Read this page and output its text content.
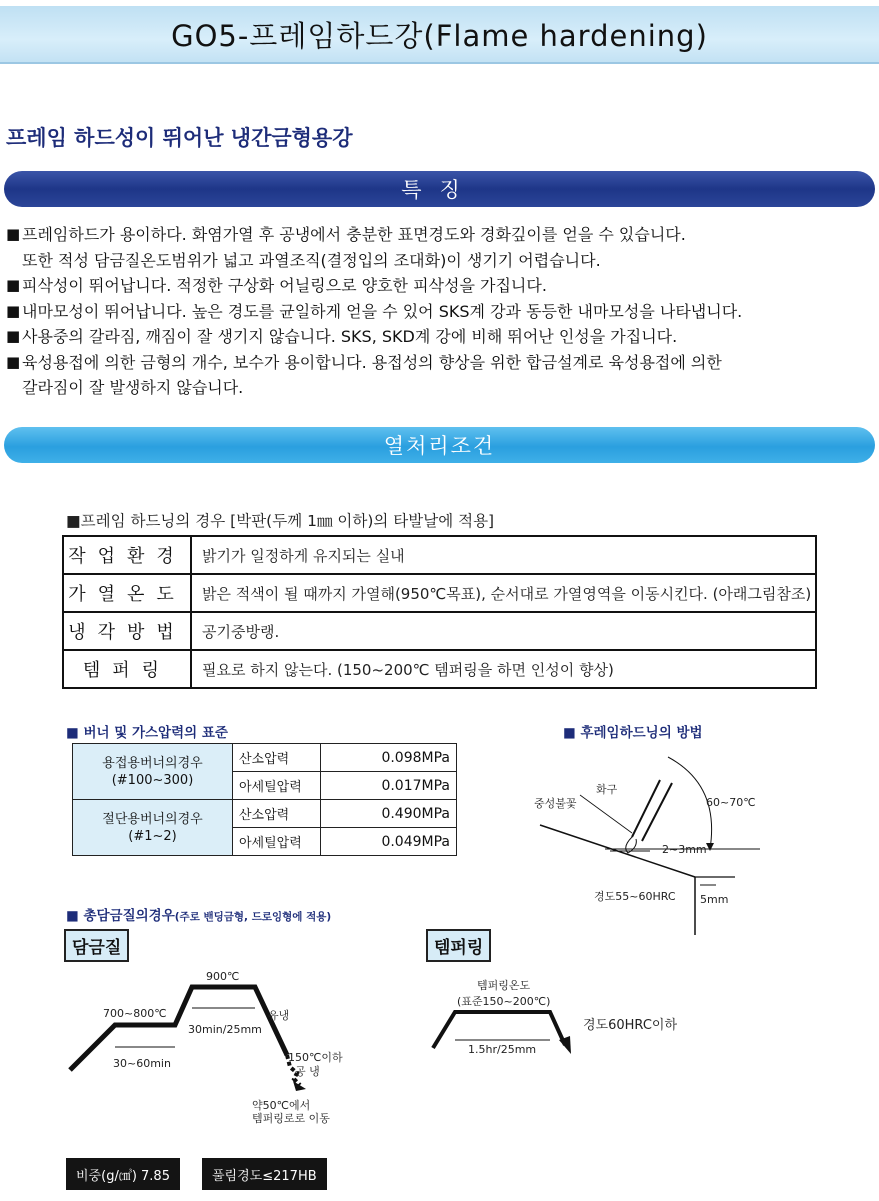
GO5-프레임하드강(Flame hardening)
프레임 하드성이 뛰어난 냉간금형용강
특징
■ 프레임하드가 용이하다. 화염가열 후 공냉에서 충분한 표면경도와 경화깊이를 얻을 수 있습니다.
또한 적성 담금질온도범위가 넓고 과열조직(결정입의 조대화)이 생기기 어렵습니다.
■ 피삭성이 뛰어납니다. 적정한 구상화 어닐링으로 양호한 피삭성을 가집니다.
■ 내마모성이 뛰어납니다. 높은 경도를 균일하게 얻을 수 있어 SKS계 강과 동등한 내마모성을 나타냅니다.
■ 사용중의 갈라짐, 깨짐이 잘 생기지 않습니다. SKS, SKD계 강에 비해 뛰어난 인성을 가집니다.
■ 육성용접에 의한 금형의 개수, 보수가 용이합니다. 용접성의 향상을 위한 합금설계로 육성용접에 의한
갈라짐이 잘 발생하지 않습니다.
열처리조건
■프레임 하드닝의 경우 [박판(두께 1㎜ 이하)의 타발날에 적용]
작업환경	밝기가 일정하게 유지되는 실내
가열온도	밝은 적색이 될 때까지 가열해(950℃목표), 순서대로 가열영역을 이동시킨다. (아래그림참조)
냉각방법	공기중방랭.
템퍼링	필요로 하지 않는다. (150~200℃ 템퍼링을 하면 인성이 향상)
■ 버너 및 가스압력의 표준
용접용버너의경우
(#100~300)	산소압력	0.098MPa
	아세틸압력	0.017MPa

절단용버너의경우
(#1~2)	산소압력	0.490MPa
	아세틸압력	0.049MPa
■ 후레임하드닝의 방법
화구
중성불꽃	60~70℃
2~3mm
경도55~60HRC 5mm
■ 총담금질의경우(주로 밴딩금형, 드로잉형에 적용)
담금질	템퍼링
900℃
700~800℃
30min/25mm
유냉
30~60min	150℃이하
공 냉
약50℃에서
템퍼링로로 이동
템퍼링온도
(표준150~200℃)
경도60HRC이하
1.5hr/25mm
비중(g/㎤) 7.85	풀림경도≤217HB
